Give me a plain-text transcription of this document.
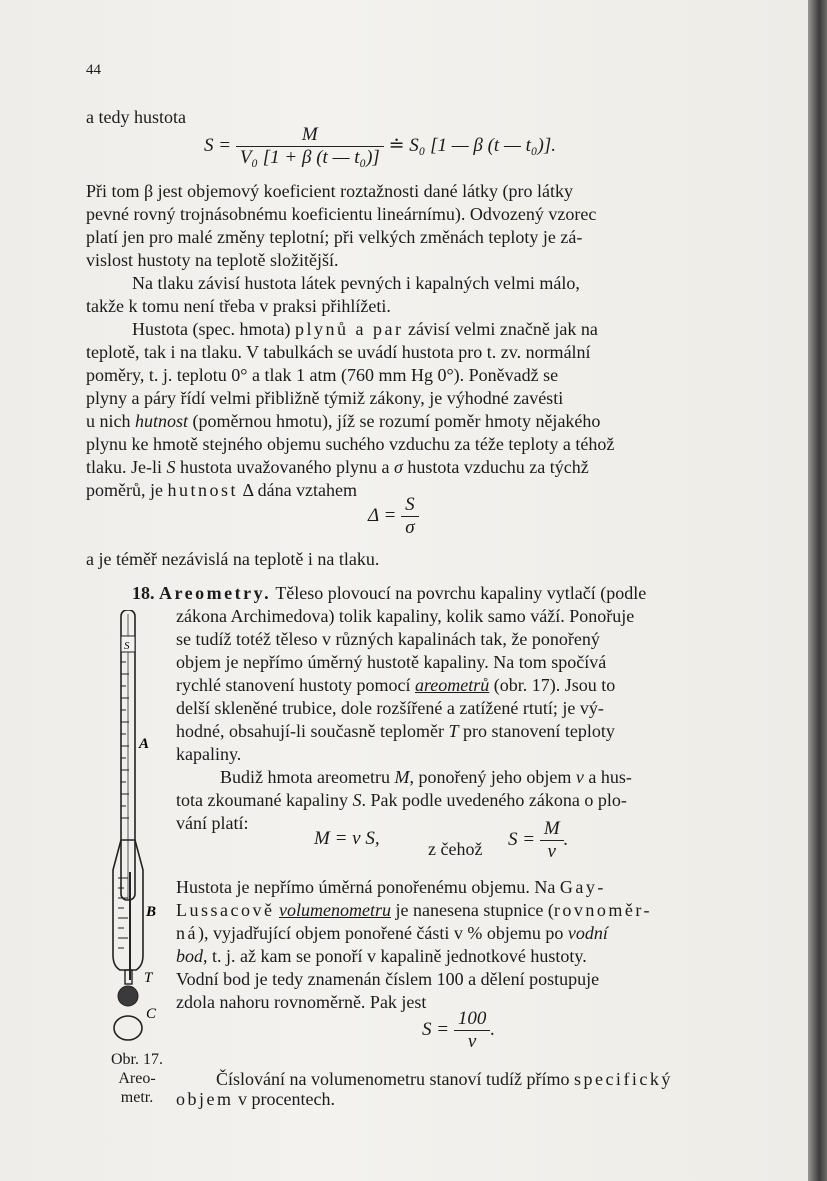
44
a tedy hustota
$S = \frac{M}{\text{V₀ [1 + β (t — t₀)]}}$ ≐ S₀ [1 — β (t — t₀)].
Při tom β jest objemový koeficient roztažnosti dané látky (pro látky
pevné rovný trojnásobnému koeficientu lineárnímu). Odvozený vzorec
platí jen pro malé změny teplotní; při velkých změnách teploty je zá-
vislost hustoty na teplotě složitější.
Na tlaku závisí hustota látek pevných i kapalných velmi málo,
takže k tomu není třeba v praksi přihlížeti.
Hustota (spec. hmota) plynů a par závisí velmi značně jak na
teplotě, tak i na tlaku. V tabulkách se uvádí hustota pro t. zv. normální
poměry, t. j. teplotu 0° a tlak 1 atm (760 mm Hg 0°). Poněvadž se
plyny a páry řídí velmi přibližně týmiž zákony, je výhodné zavésti
u nich hutnost (poměrnou hmotu), jíž se rozumí poměr hmoty nějakého
plynu ke hmotě stejného objemu suchého vzduchu za téže teploty a téhož
tlaku. Je-li S hustota uvažovaného plynu a σ hustota vzduchu za týchž
poměrů, je hutnost Δ dána vztahem
$\Delta = \frac{S}{\sigma}$
a je téměř nezávislá na teplotě i na tlaku.
18. Areometry. Těleso plovoucí na povrchu kapaliny vytlačí (podle
zákona Archimedova) tolik kapaliny, kolik samo váží. Ponořuje
se tudíž totéž těleso v různých kapalinách tak, že ponořený
objem je nepřímo úměrný hustotě kapaliny. Na tom spočívá
rychlé stanovení hustoty pomocí areometrů (obr. 17). Jsou to
delší skleněné trubice, dole rozšířené a zatížené rtutí; je vý-
hodné, obsahují-li současně teploměr T pro stanovení teploty
kapaliny.
Budiž hmota areometru M, ponořený jeho objem v a hus-
tota zkoumané kapaliny S. Pak podle uvedeného zákona o plo-
vání platí:
M = v S,	z čehož $S = \frac{M}{v}$ .
Hustota je nepřímo úměrná ponořenému objemu. Na Gay-
Lussacově volumenometru je nanesena stupnice (rovnoměr-
ná), vyjadřující objem ponořené části v % objemu po vodní
bod, t. j. až kam se ponoří v kapalině jednotkové hustoty.
Vodní bod je tedy znamenán číslem 100 a dělení postupuje
zdola nahoru rovnoměrně. Pak jest
$S = \frac{100}{v}$ .
Číslování na volumenometru stanoví tudíž přímo specifický
objem v procentech.
S
A
B
T
C
Obr. 17.
Areo-
metr.
